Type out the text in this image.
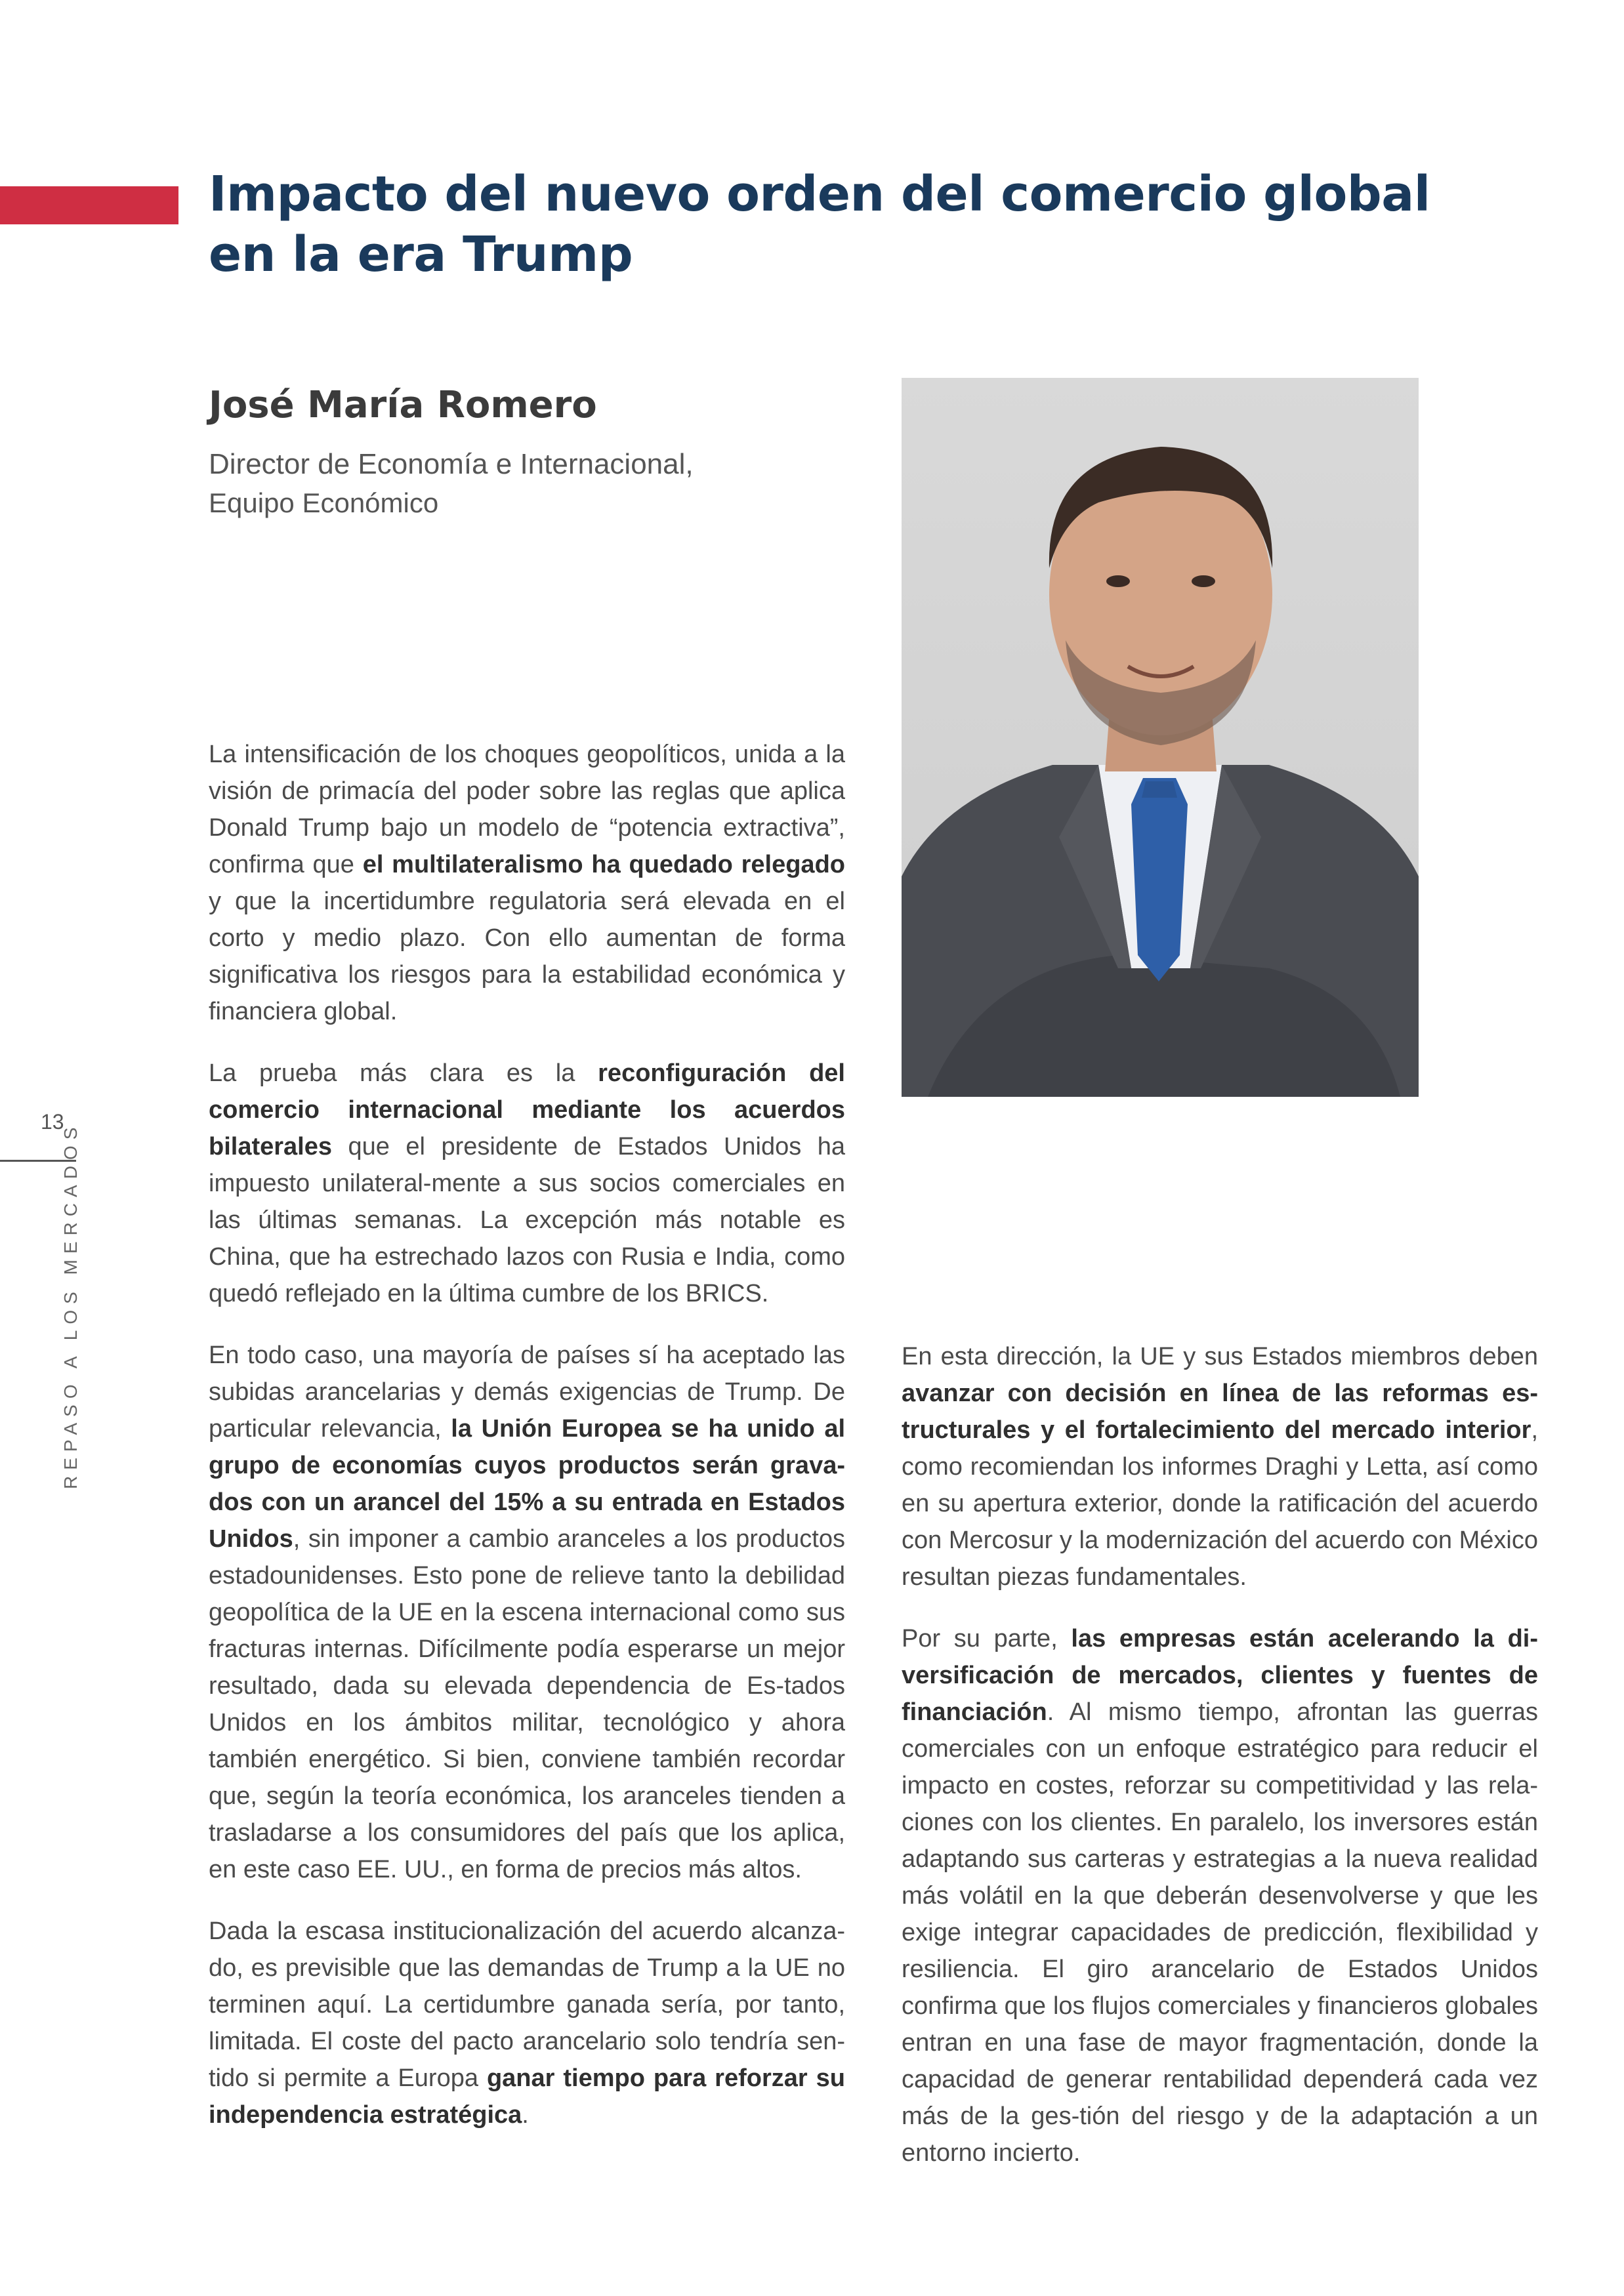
Impacto del nuevo orden del comercio global
en la era Trump
José María Romero
Director de Economía e Internacional,
Equipo Económico
13
REPASO A LOS MERCADOS

La intensificación de los choques geopolíticos, unida a la visión de primacía del poder sobre las reglas que aplica Donald Trump bajo un modelo de “potencia extractiva”, confirma que el multilateralismo ha quedado relegado y que la incertidumbre regulatoria será elevada en el corto y medio plazo. Con ello aumentan de forma significativa los riesgos para la estabilidad económica y financiera global.

La prueba más clara es la reconfiguración del comercio internacional mediante los acuerdos bilaterales que el presidente de Estados Unidos ha impuesto unilateral-mente a sus socios comerciales en las últimas semanas. La excepción más notable es China, que ha estrechado lazos con Rusia e India, como quedó reflejado en la última cumbre de los BRICS.

En todo caso, una mayoría de países sí ha aceptado las subidas arancelarias y demás exigencias de Trump. De particular relevancia, la Unión Europea se ha unido al grupo de economías cuyos productos serán grava-dos con un arancel del 15% a su entrada en Estados Unidos, sin imponer a cambio aranceles a los productos estadounidenses. Esto pone de relieve tanto la debilidad geopolítica de la UE en la escena internacional como sus fracturas internas. Difícilmente podía esperarse un mejor resultado, dada su elevada dependencia de Es-tados Unidos en los ámbitos militar, tecnológico y ahora también energético. Si bien, conviene también recordar que, según la teoría económica, los aranceles tienden a trasladarse a los consumidores del país que los aplica, en este caso EE. UU., en forma de precios más altos.

Dada la escasa institucionalización del acuerdo alcanza-do, es previsible que las demandas de Trump a la UE no terminen aquí. La certidumbre ganada sería, por tanto, limitada. El coste del pacto arancelario solo tendría sen-tido si permite a Europa ganar tiempo para reforzar su independencia estratégica.

En esta dirección, la UE y sus Estados miembros deben avanzar con decisión en línea de las reformas es-tructurales y el fortalecimiento del mercado interior, como recomiendan los informes Draghi y Letta, así como en su apertura exterior, donde la ratificación del acuerdo con Mercosur y la modernización del acuerdo con México resultan piezas fundamentales.

Por su parte, las empresas están acelerando la di-versificación de mercados, clientes y fuentes de financiación. Al mismo tiempo, afrontan las guerras comerciales con un enfoque estratégico para reducir el impacto en costes, reforzar su competitividad y las rela-ciones con los clientes. En paralelo, los inversores están adaptando sus carteras y estrategias a la nueva realidad más volátil en la que deberán desenvolverse y que les exige integrar capacidades de predicción, flexibilidad y resiliencia. El giro arancelario de Estados Unidos confirma que los flujos comerciales y financieros globales entran en una fase de mayor fragmentación, donde la capacidad de generar rentabilidad dependerá cada vez más de la ges-tión del riesgo y de la adaptación a un entorno incierto.
